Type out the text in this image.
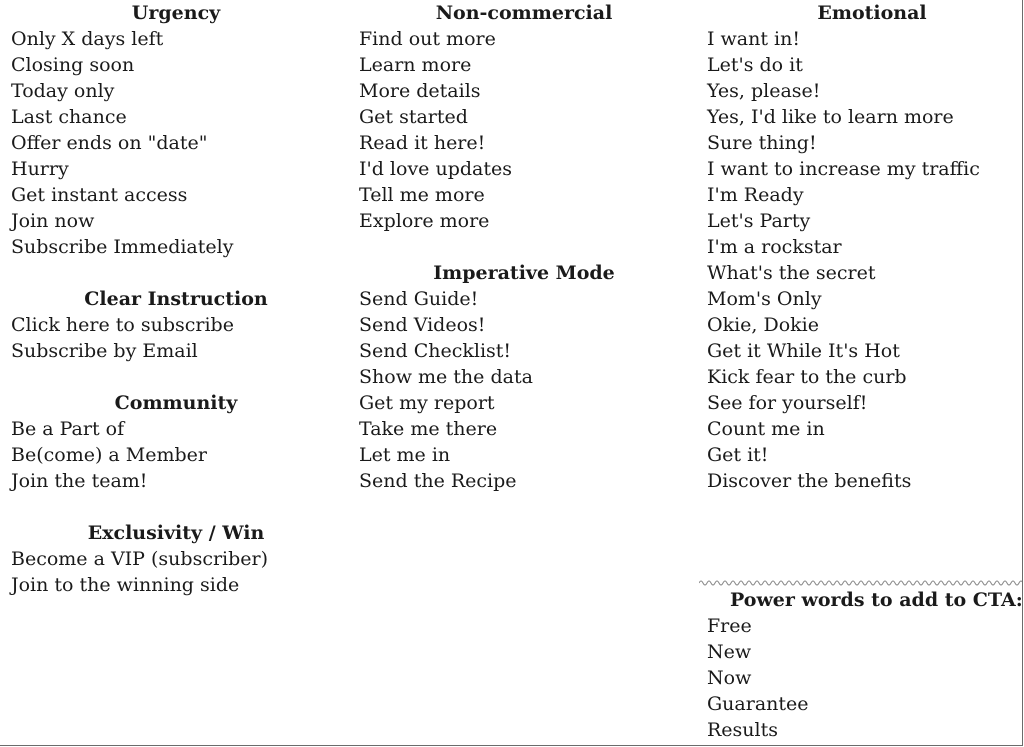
Urgency
Only X days left
Closing soon
Today only
Last chance
Offer ends on "date"
Hurry
Get instant access
Join now
Subscribe Immediately
Clear Instruction
Click here to subscribe
Subscribe by Email
Community
Be a Part of
Be(come) a Member
Join the team!
Exclusivity / Win
Become a VIP (subscriber)
Join to the winning side
Non-commercial
Find out more
Learn more
More details
Get started
Read it here!
I'd love updates
Tell me more
Explore more
Imperative Mode
Send Guide!
Send Videos!
Send Checklist!
Show me the data
Get my report
Take me there
Let me in
Send the Recipe
Emotional
I want in!
Let's do it
Yes, please!
Yes, I'd like to learn more
Sure thing!
I want to increase my traffic
I'm Ready
Let's Party
I'm a rockstar
What's the secret
Mom's Only
Okie, Dokie
Get it While It's Hot
Kick fear to the curb
See for yourself!
Count me in
Get it!
Discover the benefits
Power words to add to CTA:
Free
New
Now
Guarantee
Results
